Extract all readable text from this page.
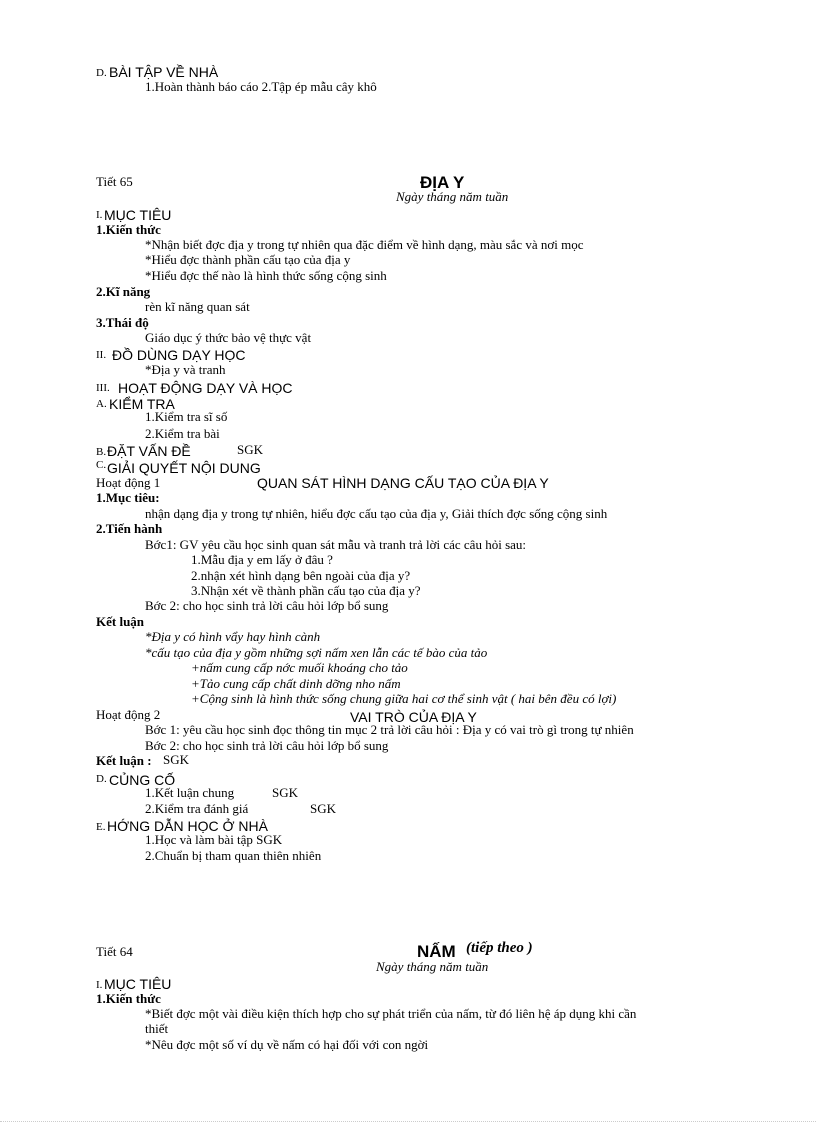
D. BÀI TẬP VỀ NHÀ
1.Hoàn thành báo cáo 2.Tập ép mẫu cây khô
Tiết 65	ĐỊA Y
Ngày tháng năm tuần
I. MỤC TIÊU
1.Kiến thức
*Nhận biết đợc địa y trong tự nhiên qua đặc điểm về hình dạng, màu sắc và nơi mọc
*Hiểu đợc thành phần cấu tạo của địa y
*Hiểu đợc thế nào là hình thức sống cộng sinh
2.Kĩ năng
rèn kĩ năng quan sát
3.Thái độ
Giáo dục ý thức bảo vệ thực vật
II. ĐỒ DÙNG DẠY HỌC
*Địa y và tranh
III. HOẠT ĐỘNG DẠY VÀ HỌC
A. KIỂM TRA
1.Kiểm tra sĩ số
2.Kiểm tra bài
B. ĐẶT VẤN ĐỀ	SGK
C. GIẢI QUYẾT NỘI DUNG
Hoạt động 1	QUAN SÁT HÌNH DẠNG CẤU TẠO CỦA ĐỊA Y
1.Mục tiêu:
nhận dạng địa y trong tự nhiên, hiểu đợc cấu tạo của địa y, Giải thích đợc sống cộng sinh
2.Tiến hành
Bớc1: GV yêu cầu học sinh quan sát mẫu và tranh trả lời các câu hỏi sau:
1.Mẫu địa y em lấy ở đâu ?
2.nhận xét hình dạng bên ngoài của địa y?
3.Nhận xét về thành phần cấu tạo của địa y?
Bớc 2: cho học sinh trả lời câu hỏi lớp bổ sung
Kết luận
*Địa y có hình vẩy hay hình cành
*cấu tạo của địa y gồm những sợi nấm xen lẫn các tế bào của tảo
+nấm cung cấp nớc muối khoáng cho tảo
+Tảo cung cấp chất dinh dỡng nho nấm
+Cộng sinh là hình thức sống chung giữa hai cơ thể sinh vật ( hai bên đều có lợi)
Hoạt động 2	VAI TRÒ CỦA ĐỊA Y
Bớc 1: yêu cầu học sinh đọc thông tin mục 2 trả lời câu hỏi : Địa y có vai trò gì trong tự nhiên
Bớc 2: cho học sinh trả lời câu hỏi lớp bổ sung
Kết luận : SGK
D. CỦNG CỐ
1.Kết luận chung	SGK
2.Kiểm tra đánh giá	SGK
E. HỚNG DẪN HỌC Ở NHÀ
1.Học và làm bài tập SGK
2.Chuẩn bị tham quan thiên nhiên
Tiết 64	NẤM (tiếp theo )
Ngày tháng năm tuần
I. MỤC TIÊU
1.Kiến thức
*Biết đợc một vài điều kiện thích hợp cho sự phát triển của nấm, từ đó liên hệ áp dụng khi cần
thiết
*Nêu đợc một số ví dụ về nấm có hại đối với con ngời
